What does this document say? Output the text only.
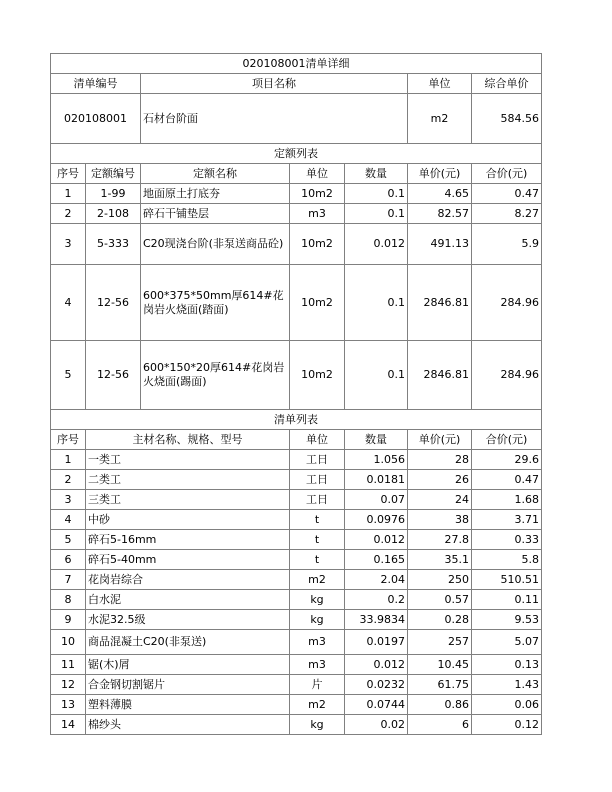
020108001清单详细						
清单编号		项目名称			单位	综合单价
020108001		石材台阶面			m2	584.56
定额列表						
序号	定额编号	定额名称	单位	数量	单价(元)	合价(元)
1	1-99	地面原土打底夯	10m2	0.1	4.65	0.47
2	2-108	碎石干铺垫层	m3	0.1	82.57	8.27
3	5-333	C20现浇台阶(非泵送商品砼)	10m2	0.012	491.13	5.9
4	12-56	600*375*50mm厚614#花岗岩火烧面(踏面)	10m2	0.1	2846.81	284.96
5	12-56	600*150*20厚614#花岗岩火烧面(踢面)	10m2	0.1	2846.81	284.96
清单列表						
序号	主材名称、规格、型号		单位	数量	单价(元)	合价(元)
1	一类工		工日	1.056	28	29.6
2	二类工		工日	0.0181	26	0.47
3	三类工		工日	0.07	24	1.68
4	中砂		t	0.0976	38	3.71
5	碎石5-16mm		t	0.012	27.8	0.33
6	碎石5-40mm		t	0.165	35.1	5.8
7	花岗岩综合		m2	2.04	250	510.51
8	白水泥		kg	0.2	0.57	0.11
9	水泥32.5级		kg	33.9834	0.28	9.53
10	商品混凝土C20(非泵送)		m3	0.0197	257	5.07
11	锯(木)屑		m3	0.012	10.45	0.13
12	合金钢切割锯片		片	0.0232	61.75	1.43
13	塑料薄膜		m2	0.0744	0.86	0.06
14	棉纱头		kg	0.02	6	0.12
